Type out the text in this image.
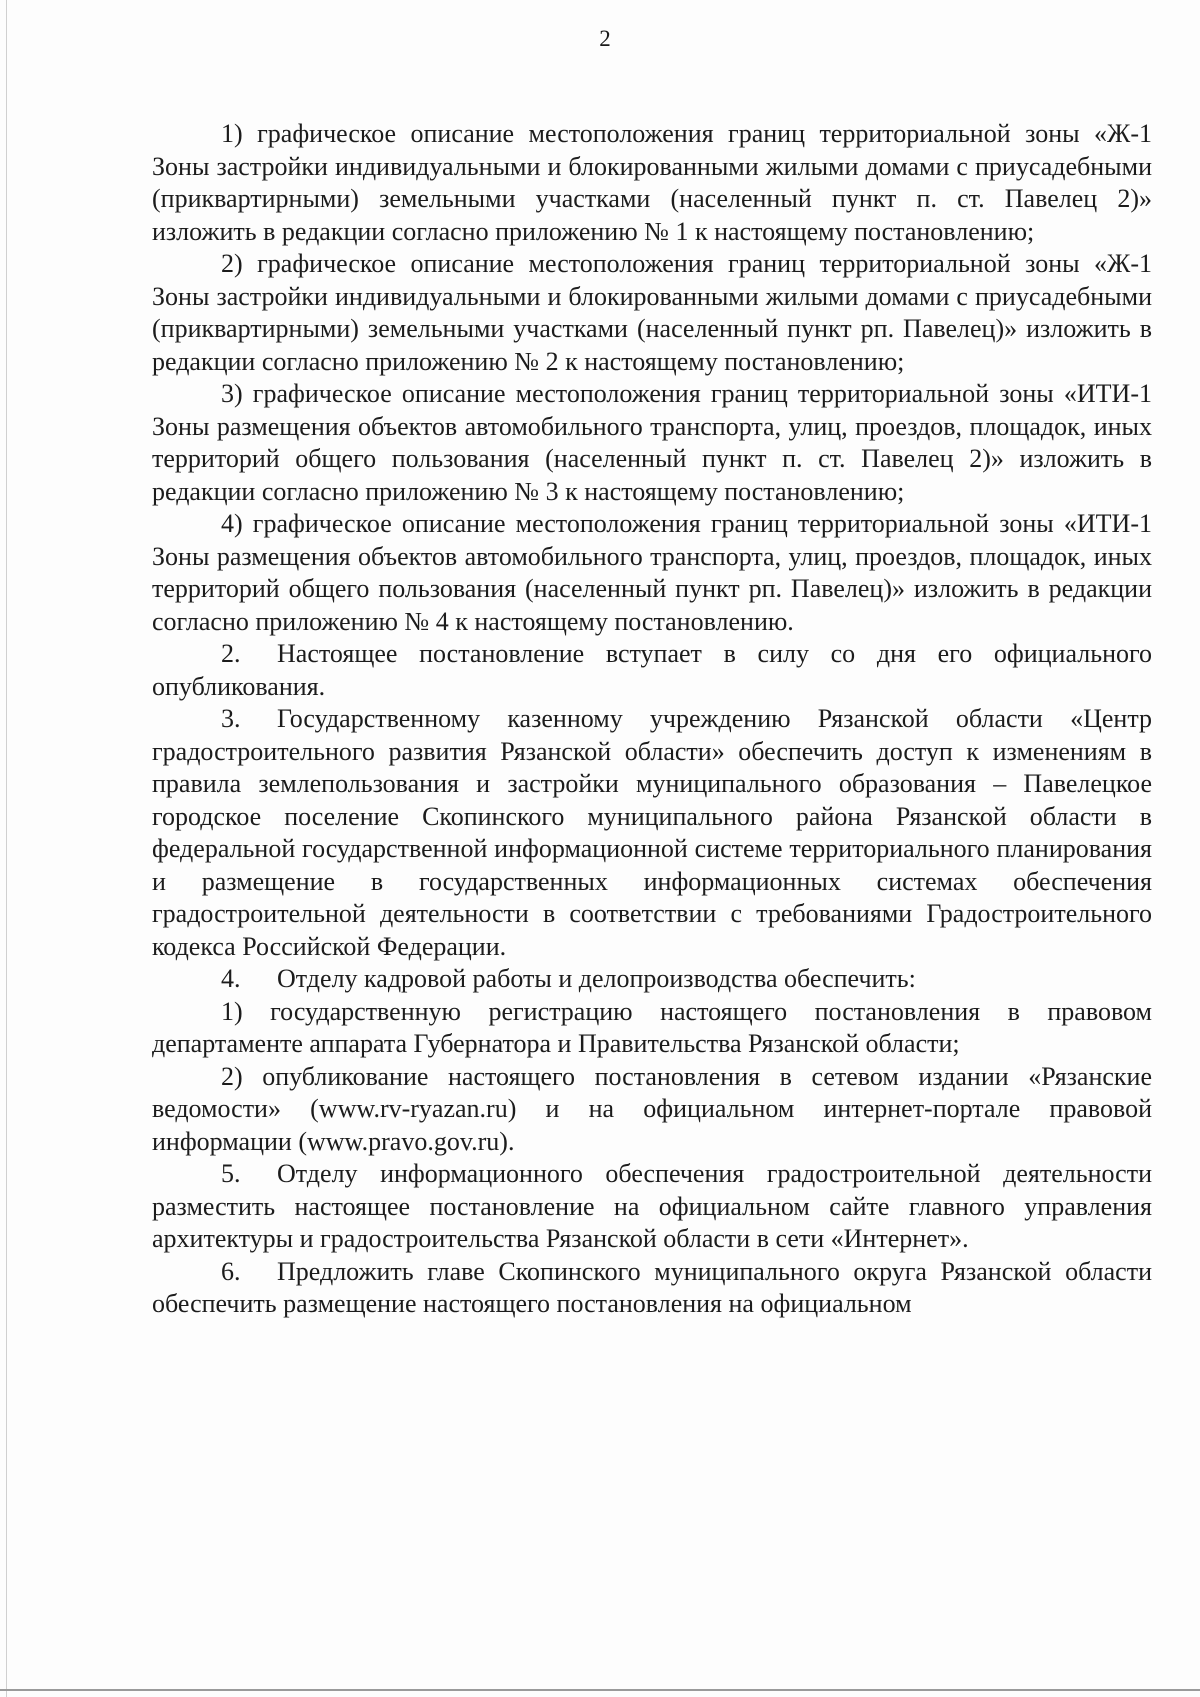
2

1) графическое описание местоположения границ территориальной зоны «Ж-1 Зоны застройки индивидуальными и блокированными жилыми домами с приусадебными (приквартирными) земельными участками (населенный пункт п. ст. Павелец 2)» изложить в редакции согласно приложению № 1 к настоящему постановлению;

2) графическое описание местоположения границ территориальной зоны «Ж-1 Зоны застройки индивидуальными и блокированными жилыми домами с приусадебными (приквартирными) земельными участками (населенный пункт рп. Павелец)» изложить в редакции согласно приложению № 2 к настоящему постановлению;

3) графическое описание местоположения границ территориальной зоны «ИТИ-1 Зоны размещения объектов автомобильного транспорта, улиц, проездов, площадок, иных территорий общего пользования (населенный пункт п. ст. Павелец 2)» изложить в редакции согласно приложению № 3 к настоящему постановлению;

4) графическое описание местоположения границ территориальной зоны «ИТИ-1 Зоны размещения объектов автомобильного транспорта, улиц, проездов, площадок, иных территорий общего пользования (населенный пункт рп. Павелец)» изложить в редакции согласно приложению № 4 к настоящему постановлению.

2. Настоящее постановление вступает в силу со дня его официального опубликования.

3. Государственному казенному учреждению Рязанской области «Центр градостроительного развития Рязанской области» обеспечить доступ к изменениям в правила землепользования и застройки муниципального образования – Павелецкое городское поселение Скопинского муниципального района Рязанской области в федеральной государственной информационной системе территориального планирования и размещение в государственных информационных системах обеспечения градостроительной деятельности в соответствии с требованиями Градостроительного кодекса Российской Федерации.

4. Отделу кадровой работы и делопроизводства обеспечить:

1) государственную регистрацию настоящего постановления в правовом департаменте аппарата Губернатора и Правительства Рязанской области;

2) опубликование настоящего постановления в сетевом издании «Рязанские ведомости» (www.rv-ryazan.ru) и на официальном интернет-портале правовой информации (www.pravo.gov.ru).

5. Отделу информационного обеспечения градостроительной деятельности разместить настоящее постановление на официальном сайте главного управления архитектуры и градостроительства Рязанской области в сети «Интернет».

6. Предложить главе Скопинского муниципального округа Рязанской области обеспечить размещение настоящего постановления на официальном
